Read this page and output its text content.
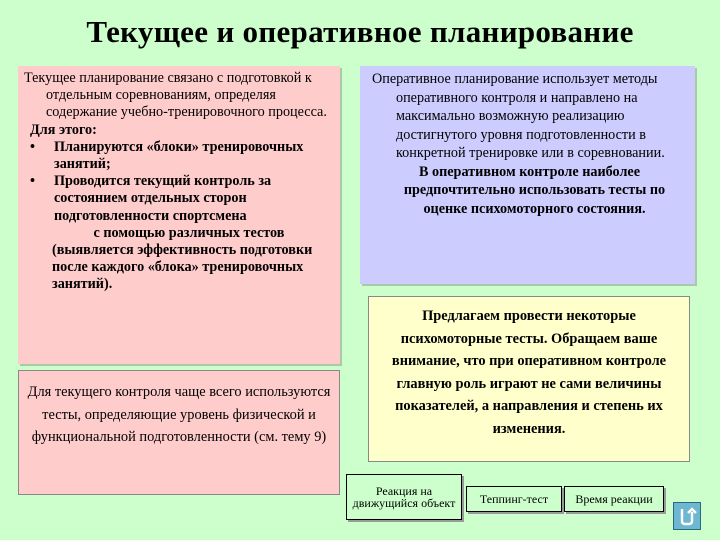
Текущее и оперативное планирование

Текущее планирование связано с подготовкой к отдельным соревнованиям, определяя содержание учебно-тренировочного процесса.

Для этого:

• Планируются «блоки» тренировочных занятий;
• Проводится текущий контроль за состоянием отдельных сторон подготовленности спортсмена

с помощью различных тестов

(выявляется эффективность подготовки после каждого «блока» тренировочных занятий).

Для текущего контроля чаще всего используются тесты, определяющие уровень физической и функциональной подготовленности (см. тему 9)

Оперативное планирование использует методы оперативного контроля и направлено на максимально возможную реализацию достигнутого уровня подготовленности в конкретной тренировке или в соревновании.

В оперативном контроле наиболее предпочтительно использовать тесты по оценке психомоторного состояния.

Предлагаем провести некоторые психомоторные тесты. Обращаем ваше внимание, что при оперативном контроле главную роль играют не сами величины показателей, а направления и степень их изменения.
Реакция на движущийся объект	Теппинг-тест Время реакции
